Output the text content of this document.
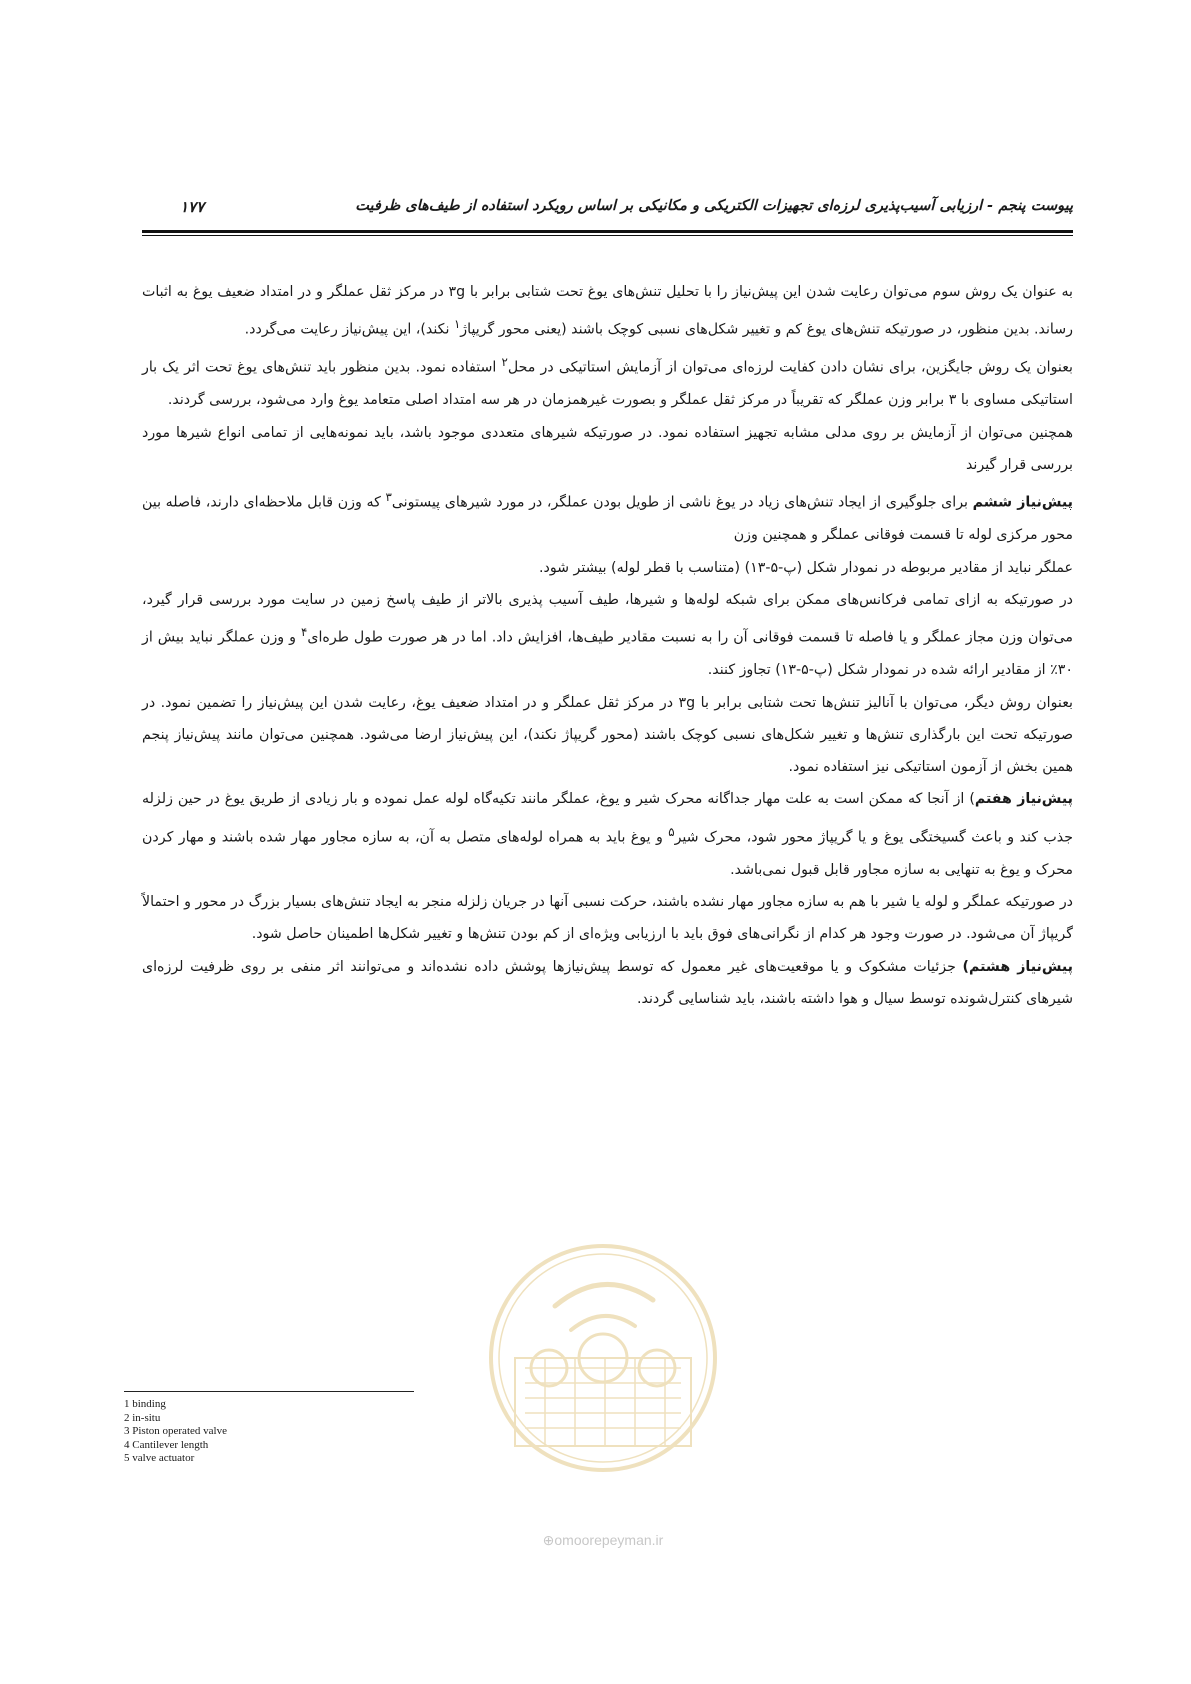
پیوست پنجم - ارزیابی آسیب‌پذیری لرزه‌ای تجهیزات الکتریکی و مکانیکی بر اساس رویکرد استفاده از طیف‌های ظرفیت
۱۷۷

به عنوان یک روش سوم می‌توان رعایت شدن این پیش‌نیاز را با تحلیل تنش‌های یوغ تحت شتابی برابر با ۳g در مرکز ثقل عملگر و در امتداد ضعیف یوغ به اثبات رساند. بدین منظور، در صورتیکه تنش‌های یوغ کم و تغییر شکل‌های نسبی کوچک باشند (یعنی محور گریپاژ$^۱$ نکند)، این پیش‌نیاز رعایت می‌گردد.

بعنوان یک روش جایگزین، برای نشان دادن کفایت لرزه‌ای می‌توان از آزمایش استاتیکی در محل$^۲$ استفاده نمود. بدین منظور باید تنش‌های یوغ تحت اثر یک بار استاتیکی مساوی با ۳ برابر وزن عملگر که تقریباً در مرکز ثقل عملگر و بصورت غیرهمزمان در هر سه امتداد اصلی متعامد یوغ وارد می‌شود، بررسی گردند.

همچنین می‌توان از آزمایش بر روی مدلی مشابه تجهیز استفاده نمود. در صورتیکه شیرهای متعددی موجود باشد، باید نمونه‌هایی از تمامی انواع شیرها مورد بررسی قرار گیرند

پیش‌نیاز ششم برای جلوگیری از ایجاد تنش‌های زیاد در یوغ ناشی از طویل بودن عملگر، در مورد شیرهای پیستونی$^۳$ که وزن قابل ملاحظه‌ای دارند، فاصله بین محور مرکزی لوله تا قسمت فوقانی عملگر و همچنین وزن

عملگر نباید از مقادیر مربوطه در نمودار شکل (پ-۵-۱۳) (متناسب با قطر لوله) بیشتر شود.

در صورتیکه به ازای تمامی فرکانس‌های ممکن برای شبکه لوله‌ها و شیرها، طیف آسیب پذیری بالاتر از طیف پاسخ زمین در سایت مورد بررسی قرار گیرد، می‌توان وزن مجاز عملگر و یا فاصله تا قسمت فوقانی آن را به نسبت مقادیر طیف‌ها، افزایش داد. اما در هر صورت طول طره‌ای$^۴$ و وزن عملگر نباید بیش از ۳۰٪ از مقادیر ارائه شده در نمودار شکل (پ-۵-۱۳) تجاوز کنند.

بعنوان روش دیگر، می‌توان با آنالیز تنش‌ها تحت شتابی برابر با ۳g در مرکز ثقل عملگر و در امتداد ضعیف یوغ، رعایت شدن این پیش‌نیاز را تضمین نمود. در صورتیکه تحت این بارگذاری تنش‌ها و تغییر شکل‌های نسبی کوچک باشند (محور گریپاژ نکند)، این پیش‌نیاز ارضا می‌شود. همچنین می‌توان مانند پیش‌نیاز پنجم همین بخش از آزمون استاتیکی نیز استفاده نمود.

پیش‌نیاز هفتم) از آنجا که ممکن است به علت مهار جداگانه محرک شیر و یوغ، عملگر مانند تکیه‌گاه لوله عمل نموده و بار زیادی از طریق یوغ در حین زلزله جذب کند و باعث گسیختگی یوغ و یا گریپاژ محور شود، محرک شیر$^۵$ و یوغ باید به همراه لوله‌های متصل به آن، به سازه مجاور مهار شده باشند و مهار کردن محرک و یوغ به تنهایی به سازه مجاور قابل قبول نمی‌باشد.

در صورتیکه عملگر و لوله یا شیر با هم به سازه مجاور مهار نشده باشند، حرکت نسبی آنها در جریان زلزله منجر به ایجاد تنش‌های بسیار بزرگ در محور و احتمالاً گریپاژ آن می‌شود. در صورت وجود هر کدام از نگرانی‌های فوق باید با ارزیابی ویژه‌ای از کم بودن تنش‌ها و تغییر شکل‌ها اطمینان حاصل شود.

پیش‌نیاز هشتم) جزئیات مشکوک و یا موقعیت‌های غیر معمول که توسط پیش‌نیازها پوشش داده نشده‌اند و می‌توانند اثر منفی بر روی ظرفیت لرزه‌ای شیرهای کنترل‌شونده توسط سیال و هوا داشته باشند، باید شناسایی گردند.

1 binding
2 in-situ
3 Piston operated valve
4 Cantilever length
5 valve actuator
⊕omoorepeyman.ir
